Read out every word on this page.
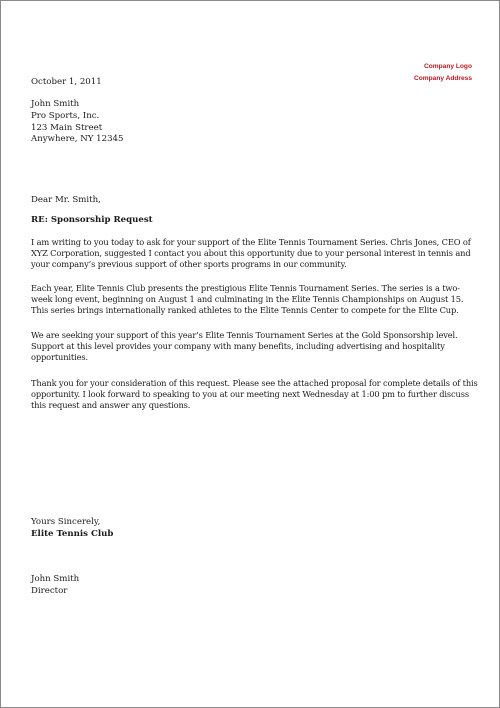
Company Logo
Company Address
October 1, 2011
John Smith
Pro Sports, Inc.
123 Main Street
Anywhere, NY 12345
Dear Mr. Smith,
RE: Sponsorship Request
I am writing to you today to ask for your support of the Elite Tennis Tournament Series. Chris Jones, CEO of XYZ Corporation, suggested I contact you about this opportunity due to your personal interest in tennis and your company’s previous support of other sports programs in our community.
Each year, Elite Tennis Club presents the prestigious Elite Tennis Tournament Series. The series is a two-week long event, beginning on August 1 and culminating in the Elite Tennis Championships on August 15. This series brings internationally ranked athletes to the Elite Tennis Center to compete for the Elite Cup.
We are seeking your support of this year’s Elite Tennis Tournament Series at the Gold Sponsorship level. Support at this level provides your company with many benefits, including advertising and hospitality opportunities.
Thank you for your consideration of this request. Please see the attached proposal for complete details of this opportunity. I look forward to speaking to you at our meeting next Wednesday at 1:00 pm to further discuss this request and answer any questions.
Yours Sincerely,
Elite Tennis Club
John Smith
Director
